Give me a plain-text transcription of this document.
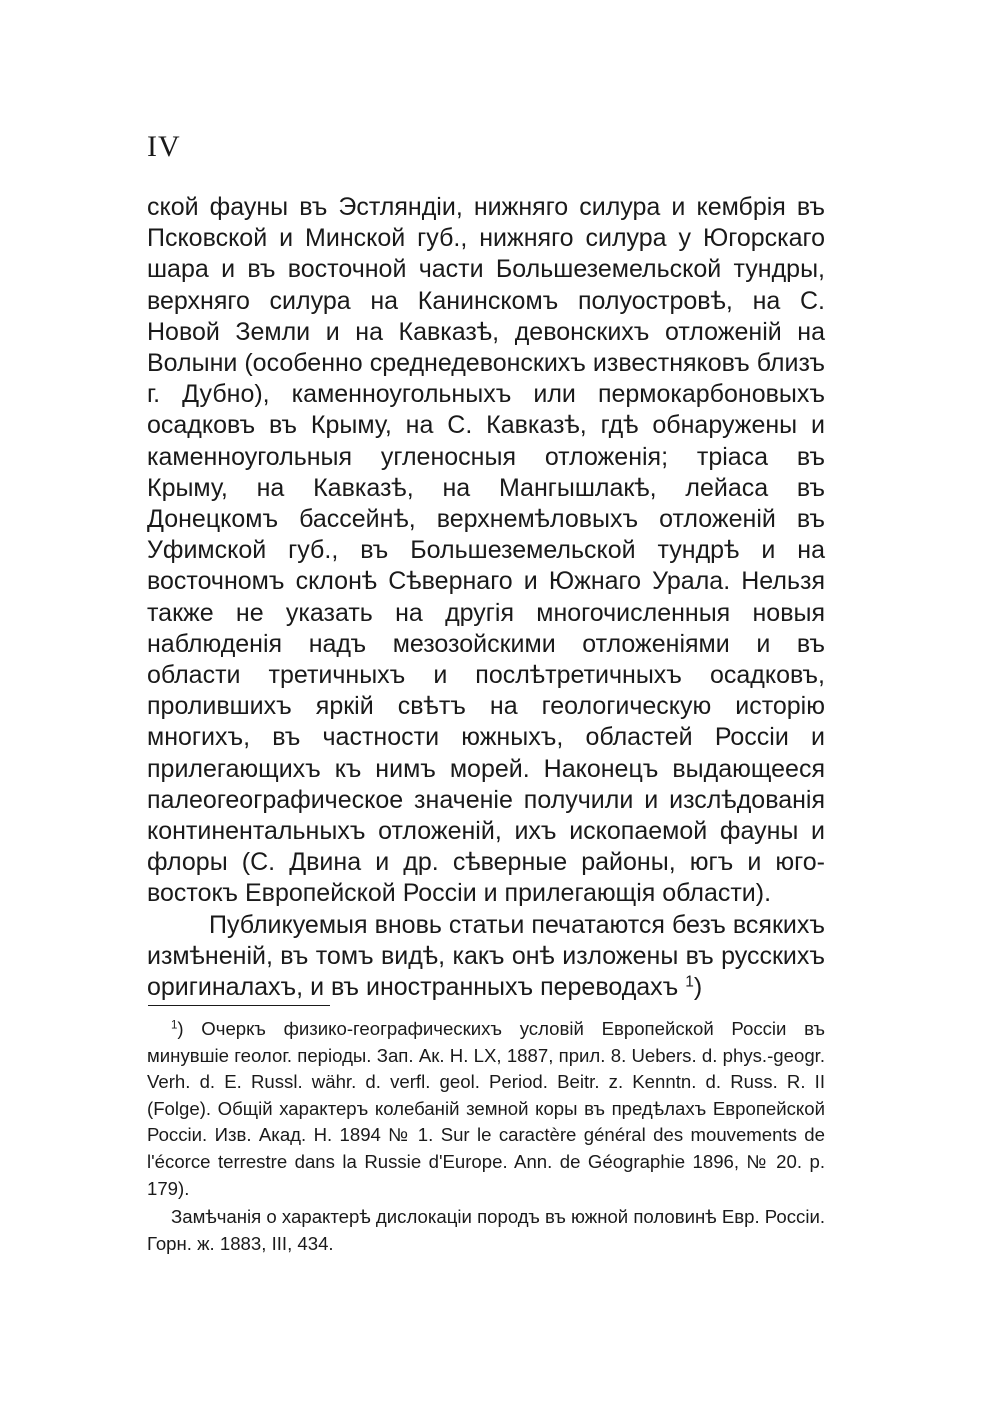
IV

ской фауны въ Эстляндіи, нижняго силура и кембрія въ Псковской и Минской губ., нижняго силура у Югорскаго шара и въ восточной части Большеземельской тундры, верхняго силура на Канинскомъ полуостровѣ, на С. Новой Земли и на Кавказѣ, девонскихъ отложеній на Волыни (особенно среднедевонскихъ известняковъ близъ г. Дубно), каменноугольныхъ или пермокарбоновыхъ осадковъ въ Крыму, на С. Кавказѣ, гдѣ обнаружены и каменноугольныя угленосныя отложенія; тріаса въ Крыму, на Кавказѣ, на Мангышлакѣ, лейаса въ Донецкомъ бассейнѣ, верхнемѣловыхъ отложеній въ Уфимской губ., въ Большеземельской тундрѣ и на восточномъ склонѣ Сѣвернаго и Южнаго Урала. Нельзя также не указать на другія многочисленныя новыя наблюденія надъ мезозойскими отложеніями и въ области третичныхъ и послѣтретичныхъ осадковъ, пролившихъ яркій свѣтъ на геологическую исторію многихъ, въ частности южныхъ, областей Россіи и прилегающихъ къ нимъ морей. Наконецъ выдающееся палеогеографическое значеніе получили и изслѣдованія континентальныхъ отложеній, ихъ ископаемой фауны и флоры (С. Двина и др. сѣверные районы, югъ и юго-востокъ Европейской Россіи и прилегающія области).

Публикуемыя вновь статьи печатаются безъ всякихъ измѣненій, въ томъ видѣ, какъ онѣ изложены въ русскихъ оригиналахъ, и въ иностранныхъ переводахъ $^1$)

$^1$) Очеркъ физико-географическихъ условій Европейской Россіи въ минувшіе геолог. періоды. Зап. Ак. Н. LX, 1887, прил. 8. Uebers. d. phys.-geogr. Verh. d. E. Russl. währ. d. verfl. geol. Period. Beitr. z. Kenntn. d. Russ. R. II (Folge). Общій характеръ колебаній земной коры въ предѣлахъ Европейской Россіи. Изв. Акад. Н. 1894 № 1. Sur le caractère général des mouvements de l'écorce terrestre dans la Russie d'Europe. Ann. de Géographie 1896, № 20. p. 179).

Замѣчанія о характерѣ дислокаціи породъ въ южной половинѣ Евр. Россіи. Горн. ж. 1883, III, 434.
